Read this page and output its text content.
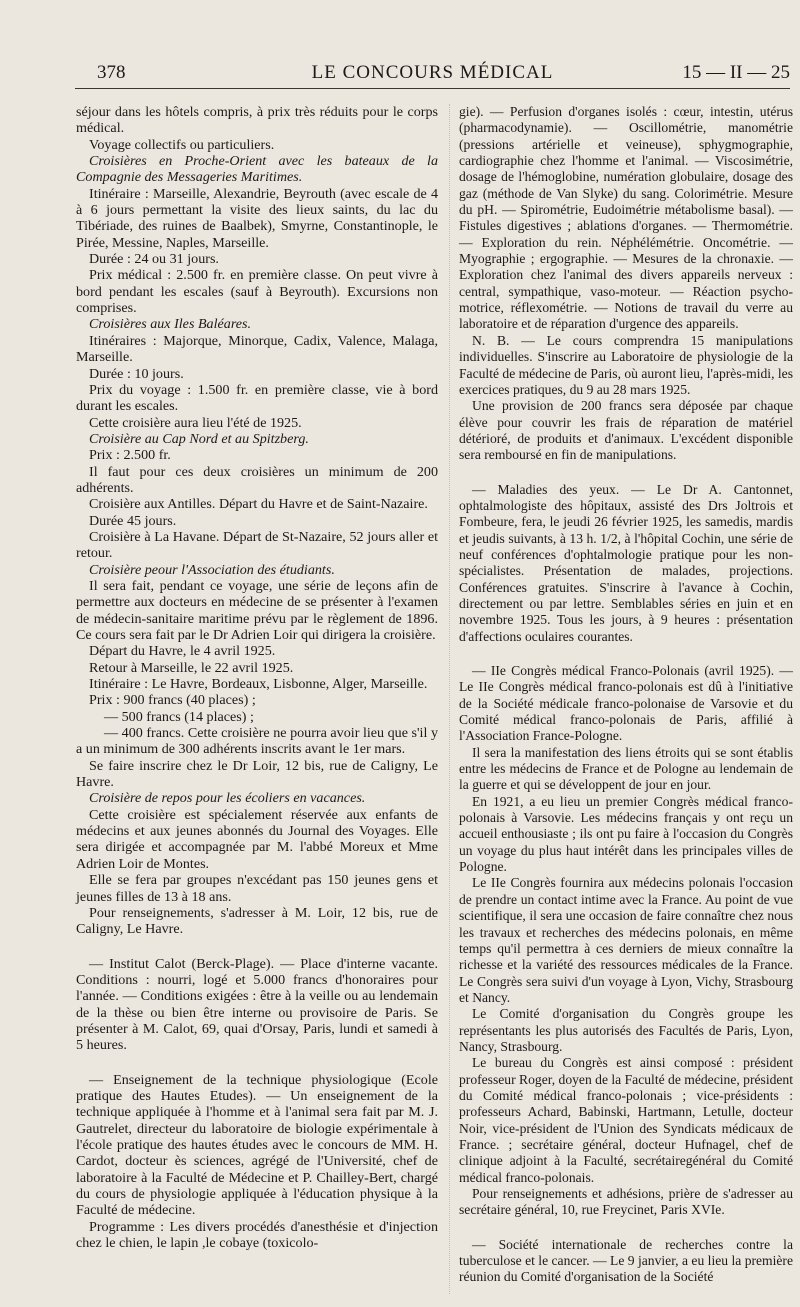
378	LE CONCOURS MÉDICAL	15 — II — 25

séjour dans les hôtels compris, à prix très réduits pour le corps médical.

Voyage collectifs ou particuliers.

Croisières en Proche-Orient avec les bateaux de la Compagnie des Messageries Maritimes.

Itinéraire : Marseille, Alexandrie, Beyrouth (avec escale de 4 à 6 jours permettant la visite des lieux saints, du lac du Tibériade, des ruines de Baalbek), Smyrne, Constantinople, le Pirée, Messine, Naples, Marseille.

Durée : 24 ou 31 jours.

Prix médical : 2.500 fr. en première classe. On peut vivre à bord pendant les escales (sauf à Beyrouth). Excursions non comprises.

Croisières aux Iles Baléares.

Itinéraires : Majorque, Minorque, Cadix, Valence, Malaga, Marseille.

Durée : 10 jours.

Prix du voyage : 1.500 fr. en première classe, vie à bord durant les escales.

Cette croisière aura lieu l'été de 1925.

Croisière au Cap Nord et au Spitzberg.

Prix : 2.500 fr.

Il faut pour ces deux croisières un minimum de 200 adhérents.

Croisière aux Antilles. Départ du Havre et de Saint-Nazaire.

Durée 45 jours.

Croisière à La Havane. Départ de St-Nazaire, 52 jours aller et retour.

Croisière peour l'Association des étudiants.

Il sera fait, pendant ce voyage, une série de leçons afin de permettre aux docteurs en médecine de se présenter à l'examen de médecin-sanitaire maritime prévu par le règlement de 1896. Ce cours sera fait par le Dr Adrien Loir qui dirigera la croisière.

Départ du Havre, le 4 avril 1925.

Retour à Marseille, le 22 avril 1925.

Itinéraire : Le Havre, Bordeaux, Lisbonne, Alger, Marseille.

Prix : 900 francs (40 places) ;

— 500 francs (14 places) ;

— 400 francs. Cette croisière ne pourra avoir lieu que s'il y a un minimum de 300 adhérents inscrits avant le 1er mars.

Se faire inscrire chez le Dr Loir, 12 bis, rue de Caligny, Le Havre.

Croisière de repos pour les écoliers en vacances.

Cette croisière est spécialement réservée aux enfants de médecins et aux jeunes abonnés du Journal des Voyages. Elle sera dirigée et accompagnée par M. l'abbé Moreux et Mme Adrien Loir de Montes.

Elle se fera par groupes n'excédant pas 150 jeunes gens et jeunes filles de 13 à 18 ans.

Pour renseignements, s'adresser à M. Loir, 12 bis, rue de Caligny, Le Havre.

— Institut Calot (Berck-Plage). — Place d'interne vacante. Conditions : nourri, logé et 5.000 francs d'honoraires pour l'année. — Conditions exigées : être à la veille ou au lendemain de la thèse ou bien être interne ou provisoire de Paris. Se présenter à M. Calot, 69, quai d'Orsay, Paris, lundi et samedi à 5 heures.

— Enseignement de la technique physiologique (Ecole pratique des Hautes Etudes). — Un enseignement de la technique appliquée à l'homme et à l'animal sera fait par M. J. Gautrelet, directeur du laboratoire de biologie expérimentale à l'école pratique des hautes études avec le concours de MM. H. Cardot, docteur ès sciences, agrégé de l'Université, chef de laboratoire à la Faculté de Médecine et P. Chailley-Bert, chargé du cours de physiologie appliquée à l'éducation physique à la Faculté de médecine.

Programme : Les divers procédés d'anesthésie et d'injection chez le chien, le lapin ,le cobaye (toxicolo-

gie). — Perfusion d'organes isolés : cœur, intestin, utérus (pharmacodynamie). — Oscillométrie, manométrie (pressions artérielle et veineuse), sphygmographie, cardiographie chez l'homme et l'animal. — Viscosimétrie, dosage de l'hémoglobine, numération globulaire, dosage des gaz (méthode de Van Slyke) du sang. Colorimétrie. Mesure du pH. — Spirométrie, Eudoimétrie métabolisme basal). — Fistules digestives ; ablations d'organes. — Thermométrie. — Exploration du rein. Néphélémétrie. Oncométrie. — Myographie ; ergographie. — Mesures de la chronaxie. — Exploration chez l'animal des divers appareils nerveux : central, sympathique, vaso-moteur. — Réaction psycho-motrice, réflexométrie. — Notions de travail du verre au laboratoire et de réparation d'urgence des appareils.

N. B. — Le cours comprendra 15 manipulations individuelles. S'inscrire au Laboratoire de physiologie de la Faculté de médecine de Paris, où auront lieu, l'après-midi, les exercices pratiques, du 9 au 28 mars 1925.

Une provision de 200 francs sera déposée par chaque élève pour couvrir les frais de réparation de matériel détérioré, de produits et d'animaux. L'excédent disponible sera remboursé en fin de manipulations.

— Maladies des yeux. — Le Dr A. Cantonnet, ophtalmologiste des hôpitaux, assisté des Drs Joltrois et Fombeure, fera, le jeudi 26 février 1925, les samedis, mardis et jeudis suivants, à 13 h. 1/2, à l'hôpital Cochin, une série de neuf conférences d'ophtalmologie pratique pour les non-spécialistes. Présentation de malades, projections. Conférences gratuites. S'inscrire à l'avance à Cochin, directement ou par lettre. Semblables séries en juin et en novembre 1925. Tous les jours, à 9 heures : présentation d'affections oculaires courantes.

— IIe Congrès médical Franco-Polonais (avril 1925). — Le IIe Congrès médical franco-polonais est dû à l'initiative de la Société médicale franco-polonaise de Varsovie et du Comité médical franco-polonais de Paris, affilié à l'Association France-Pologne.

Il sera la manifestation des liens étroits qui se sont établis entre les médecins de France et de Pologne au lendemain de la guerre et qui se développent de jour en jour.

En 1921, a eu lieu un premier Congrès médical franco-polonais à Varsovie. Les médecins français y ont reçu un accueil enthousiaste ; ils ont pu faire à l'occasion du Congrès un voyage du plus haut intérêt dans les principales villes de Pologne.

Le IIe Congrès fournira aux médecins polonais l'occasion de prendre un contact intime avec la France. Au point de vue scientifique, il sera une occasion de faire connaître chez nous les travaux et recherches des médecins polonais, en même temps qu'il permettra à ces derniers de mieux connaître la richesse et la variété des ressources médicales de la France. Le Congrès sera suivi d'un voyage à Lyon, Vichy, Strasbourg et Nancy.

Le Comité d'organisation du Congrès groupe les représentants les plus autorisés des Facultés de Paris, Lyon, Nancy, Strasbourg.

Le bureau du Congrès est ainsi composé : président professeur Roger, doyen de la Faculté de médecine, président du Comité médical franco-polonais ; vice-présidents : professeurs Achard, Babinski, Hartmann, Letulle, docteur Noir, vice-président de l'Union des Syndicats médicaux de France. ; secrétaire général, docteur Hufnagel, chef de clinique adjoint à la Faculté, secrétairegénéral du Comité médical franco-polonais.

Pour renseignements et adhésions, prière de s'adresser au secrétaire général, 10, rue Freycinet, Paris XVIe.

— Société internationale de recherches contre la tuberculose et le cancer. — Le 9 janvier, a eu lieu la première réunion du Comité d'organisation de la Société
